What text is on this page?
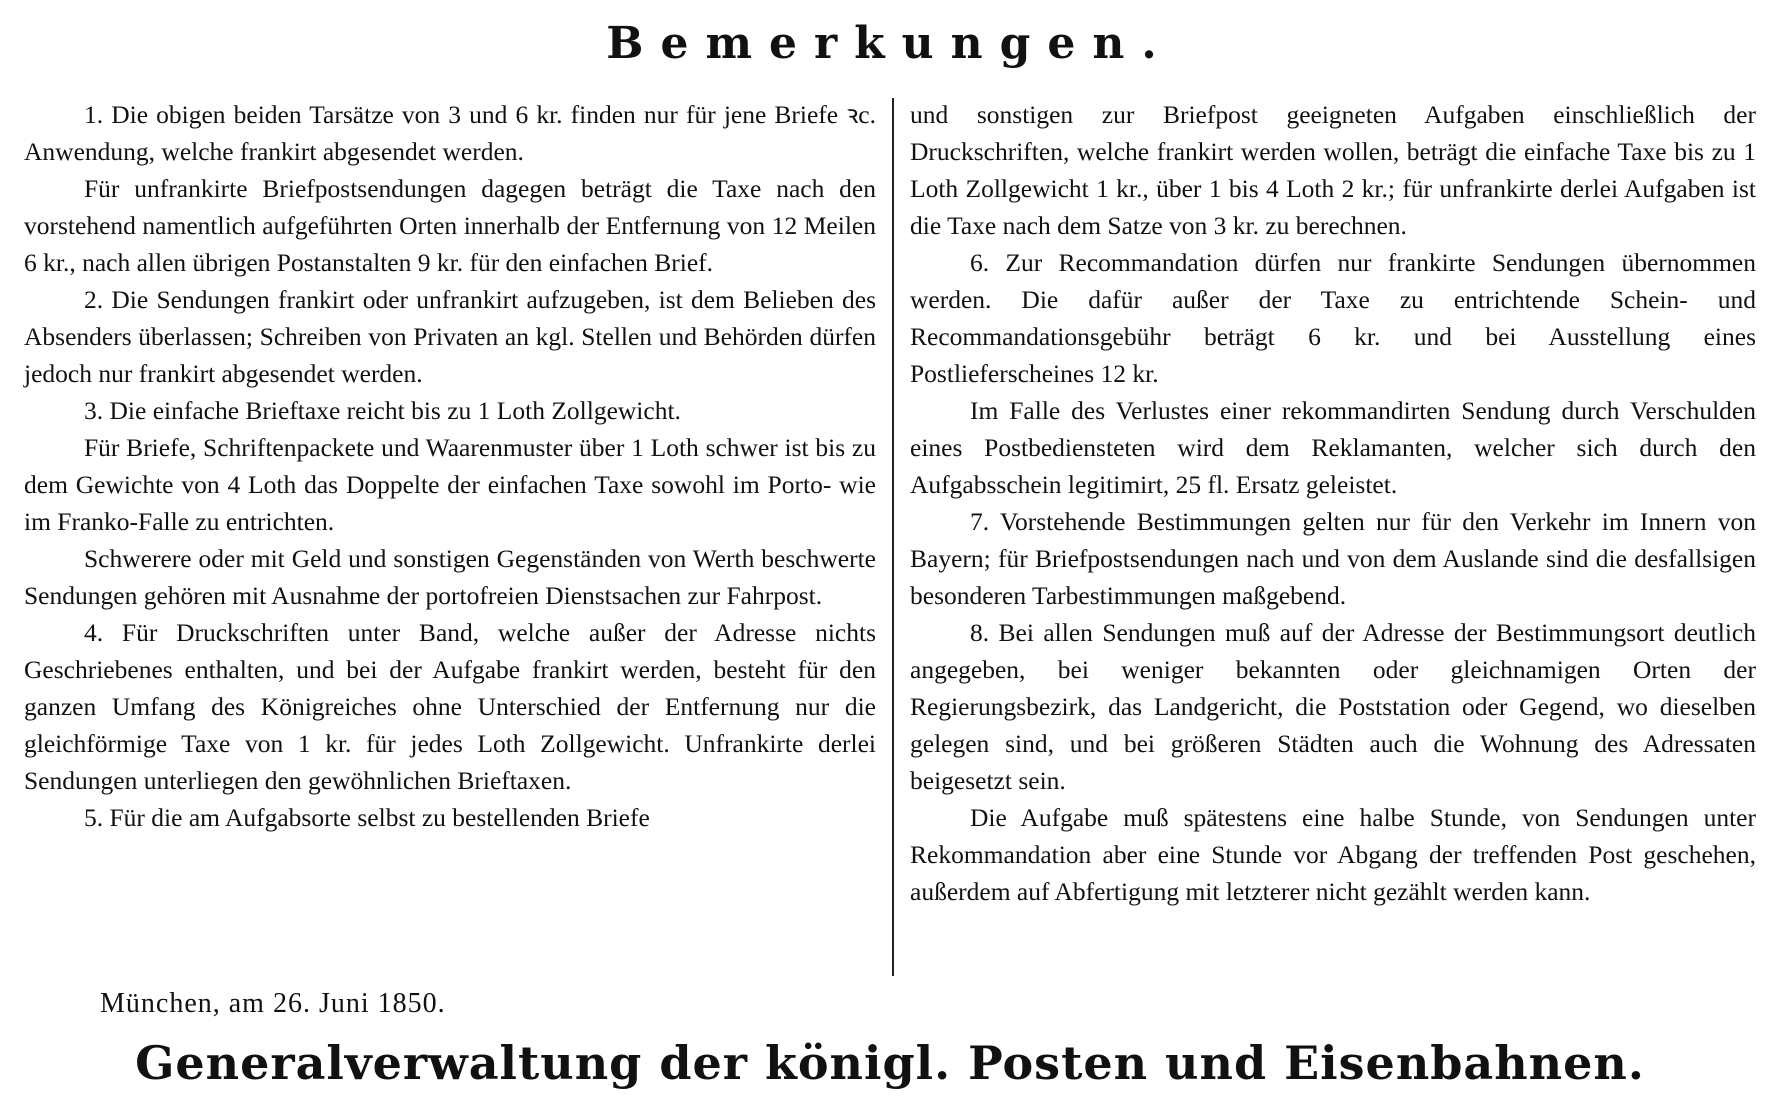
Bemerkungen.

1. Die obigen beiden Tarsätze von 3 und 6 kr. finden nur für jene Briefe ꝛc. Anwendung, welche frankirt abgesendet werden.

Für unfrankirte Briefpostsendungen dagegen beträgt die Taxe nach den vorstehend namentlich aufgeführten Orten innerhalb der Entfernung von 12 Meilen 6 kr., nach allen übrigen Postanstalten 9 kr. für den einfachen Brief.

2. Die Sendungen frankirt oder unfrankirt aufzugeben, ist dem Belieben des Absenders überlassen; Schreiben von Privaten an kgl. Stellen und Behörden dürfen jedoch nur frankirt abgesendet werden.

3. Die einfache Brieftaxe reicht bis zu 1 Loth Zollgewicht.

Für Briefe, Schriftenpackete und Waarenmuster über 1 Loth schwer ist bis zu dem Gewichte von 4 Loth das Doppelte der einfachen Taxe sowohl im Porto- wie im Franko-Falle zu entrichten.

Schwerere oder mit Geld und sonstigen Gegenständen von Werth beschwerte Sendungen gehören mit Ausnahme der portofreien Dienstsachen zur Fahrpost.

4. Für Druckschriften unter Band, welche außer der Adresse nichts Geschriebenes enthalten, und bei der Aufgabe frankirt werden, besteht für den ganzen Umfang des Königreiches ohne Unterschied der Entfernung nur die gleichförmige Taxe von 1 kr. für jedes Loth Zollgewicht. Unfrankirte derlei Sendungen unterliegen den gewöhnlichen Brieftaxen.

5. Für die am Aufgabsorte selbst zu bestellenden Briefe

und sonstigen zur Briefpost geeigneten Aufgaben einschließlich der Druckschriften, welche frankirt werden wollen, beträgt die einfache Taxe bis zu 1 Loth Zollgewicht 1 kr., über 1 bis 4 Loth 2 kr.; für unfrankirte derlei Aufgaben ist die Taxe nach dem Satze von 3 kr. zu berechnen.

6. Zur Recommandation dürfen nur frankirte Sendungen übernommen werden. Die dafür außer der Taxe zu entrichtende Schein- und Recommandationsgebühr beträgt 6 kr. und bei Ausstellung eines Postlieferscheines 12 kr.

Im Falle des Verlustes einer rekommandirten Sendung durch Verschulden eines Postbediensteten wird dem Reklamanten, welcher sich durch den Aufgabsschein legitimirt, 25 fl. Ersatz geleistet.

7. Vorstehende Bestimmungen gelten nur für den Verkehr im Innern von Bayern; für Briefpostsendungen nach und von dem Auslande sind die desfallsigen besonderen Tarbestimmungen maßgebend.

8. Bei allen Sendungen muß auf der Adresse der Bestimmungsort deutlich angegeben, bei weniger bekannten oder gleichnamigen Orten der Regierungsbezirk, das Landgericht, die Poststation oder Gegend, wo dieselben gelegen sind, und bei größeren Städten auch die Wohnung des Adressaten beigesetzt sein.

Die Aufgabe muß spätestens eine halbe Stunde, von Sendungen unter Rekommandation aber eine Stunde vor Abgang der treffenden Post geschehen, außerdem auf Abfertigung mit letzterer nicht gezählt werden kann.

München, am 26. Juni 1850.
Generalverwaltung der königl. Posten und Eisenbahnen.
